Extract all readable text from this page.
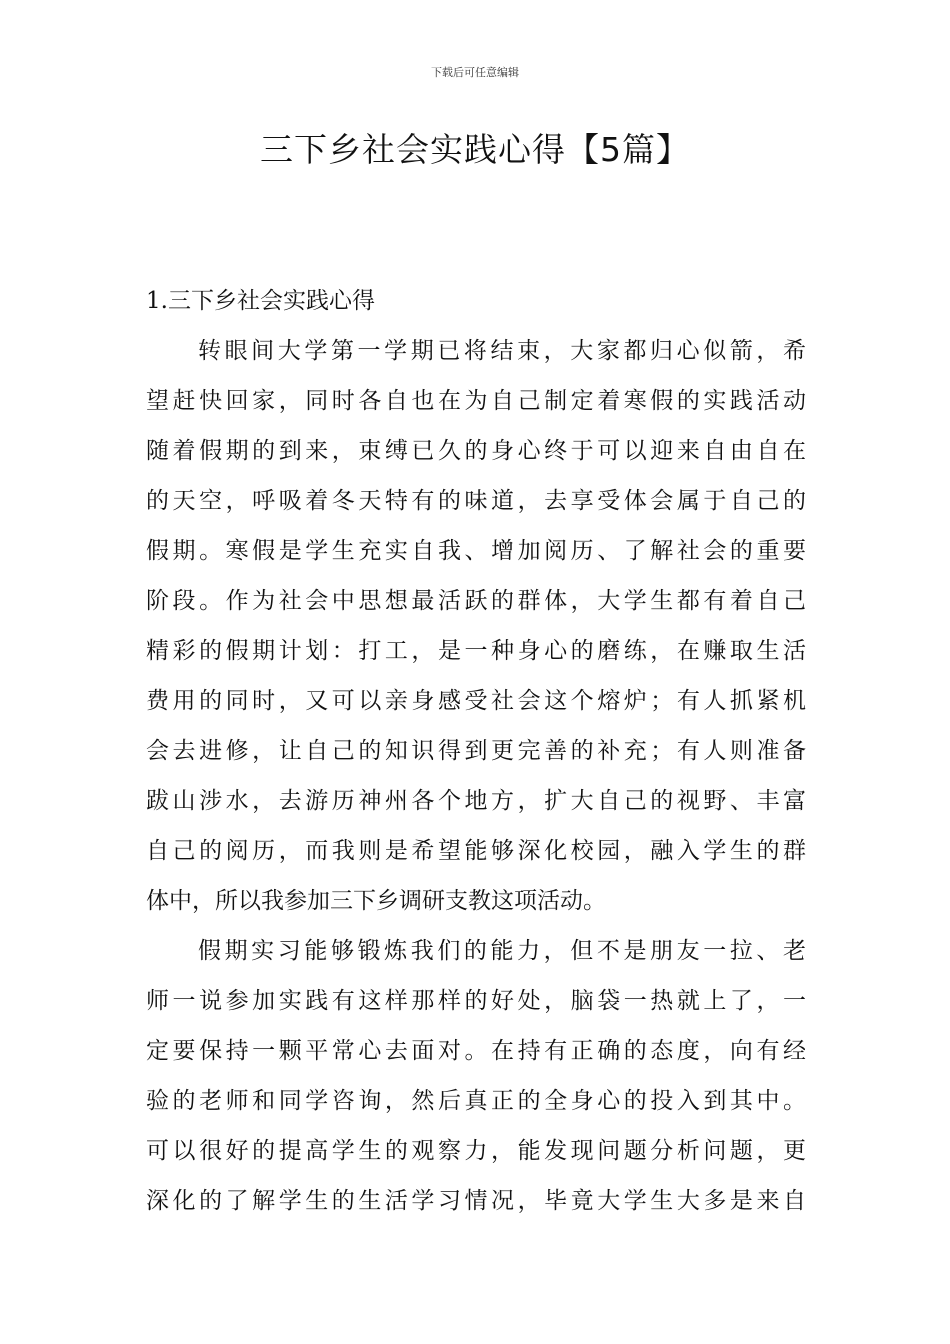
下载后可任意编辑
三下乡社会实践心得【5篇】
1.三下乡社会实践心得

转眼间大学第一学期已将结束，大家都归心似箭，希
望赶快回家，同时各自也在为自己制定着寒假的实践活动
随着假期的到来，束缚已久的身心终于可以迎来自由自在
的天空，呼吸着冬天特有的味道，去享受体会属于自己的
假期。寒假是学生充实自我、增加阅历、了解社会的重要
阶段。作为社会中思想最活跃的群体，大学生都有着自己
精彩的假期计划：打工，是一种身心的磨练，在赚取生活
费用的同时，又可以亲身感受社会这个熔炉；有人抓紧机
会去进修，让自己的知识得到更完善的补充；有人则准备
跋山涉水，去游历神州各个地方，扩大自己的视野、丰富
自己的阅历，而我则是希望能够深化校园，融入学生的群
体中，所以我参加三下乡调研支教这项活动。

假期实习能够锻炼我们的能力，但不是朋友一拉、老
师一说参加实践有这样那样的好处，脑袋一热就上了，一
定要保持一颗平常心去面对。在持有正确的态度，向有经
验的老师和同学咨询，然后真正的全身心的投入到其中。
可以很好的提高学生的观察力，能发现问题分析问题，更
深化的了解学生的生活学习情况，毕竟大学生大多是来自
